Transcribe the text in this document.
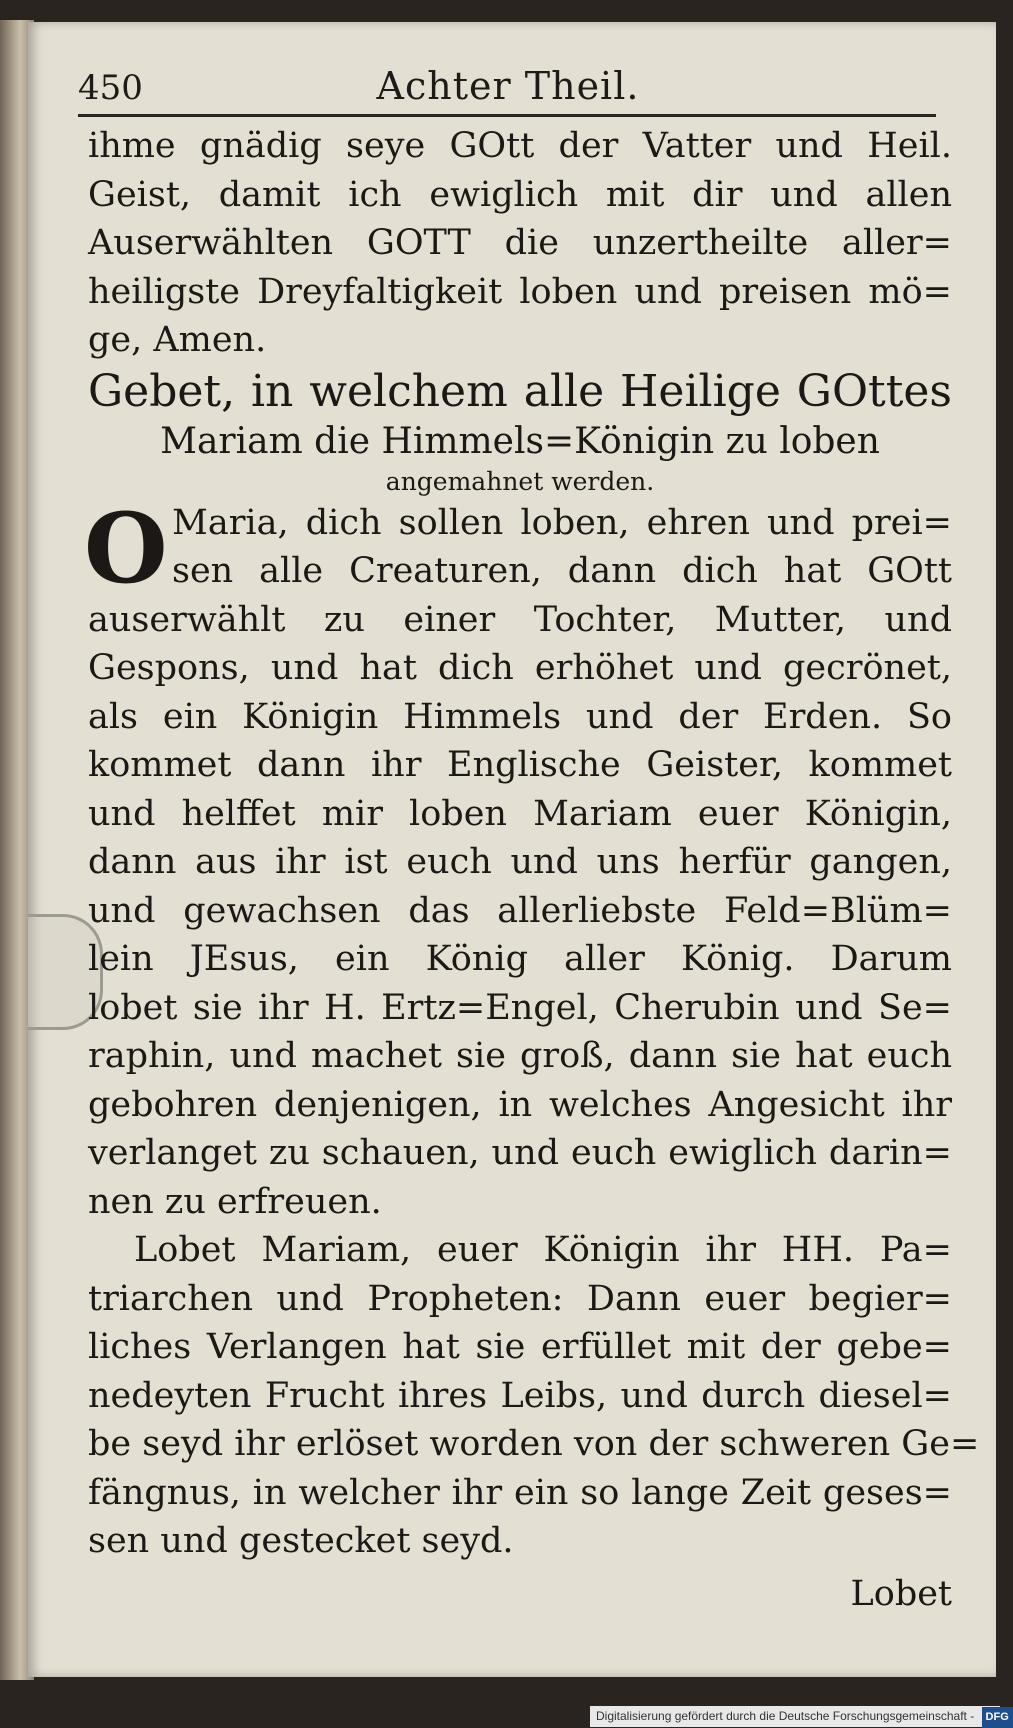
450	Achter Theil.
ihme gnädig seye GOtt der Vatter und Heil.
Geist, damit ich ewiglich mit dir und allen
Auserwählten GOTT die unzertheilte aller=
heiligste Dreyfaltigkeit loben und preisen mö=
ge, Amen.
Gebet, in welchem alle Heilige GOttes
Mariam die Himmels=Königin zu loben
angemahnet werden.
O Maria, dich sollen loben, ehren und prei=
sen alle Creaturen, dann dich hat GOtt
auserwählt zu einer Tochter, Mutter, und
Gespons, und hat dich erhöhet und gecrönet,
als ein Königin Himmels und der Erden. So
kommet dann ihr Englische Geister, kommet
und helffet mir loben Mariam euer Königin,
dann aus ihr ist euch und uns herfür gangen,
und gewachsen das allerliebste Feld=Blüm=
lein JEsus, ein König aller König. Darum
lobet sie ihr H. Ertz=Engel, Cherubin und Se=
raphin, und machet sie groß, dann sie hat euch
gebohren denjenigen, in welches Angesicht ihr
verlanget zu schauen, und euch ewiglich darin=
nen zu erfreuen.
Lobet Mariam, euer Königin ihr HH. Pa=
triarchen und Propheten: Dann euer begier=
liches Verlangen hat sie erfüllet mit der gebe=
nedeyten Frucht ihres Leibs, und durch diesel=
be seyd ihr erlöset worden von der schweren Ge=
fängnus, in welcher ihr ein so lange Zeit geses=
sen und gestecket seyd.
Lobet
Digitalisierung gefördert durch die Deutsche Forschungsgemeinschaft - DFG
